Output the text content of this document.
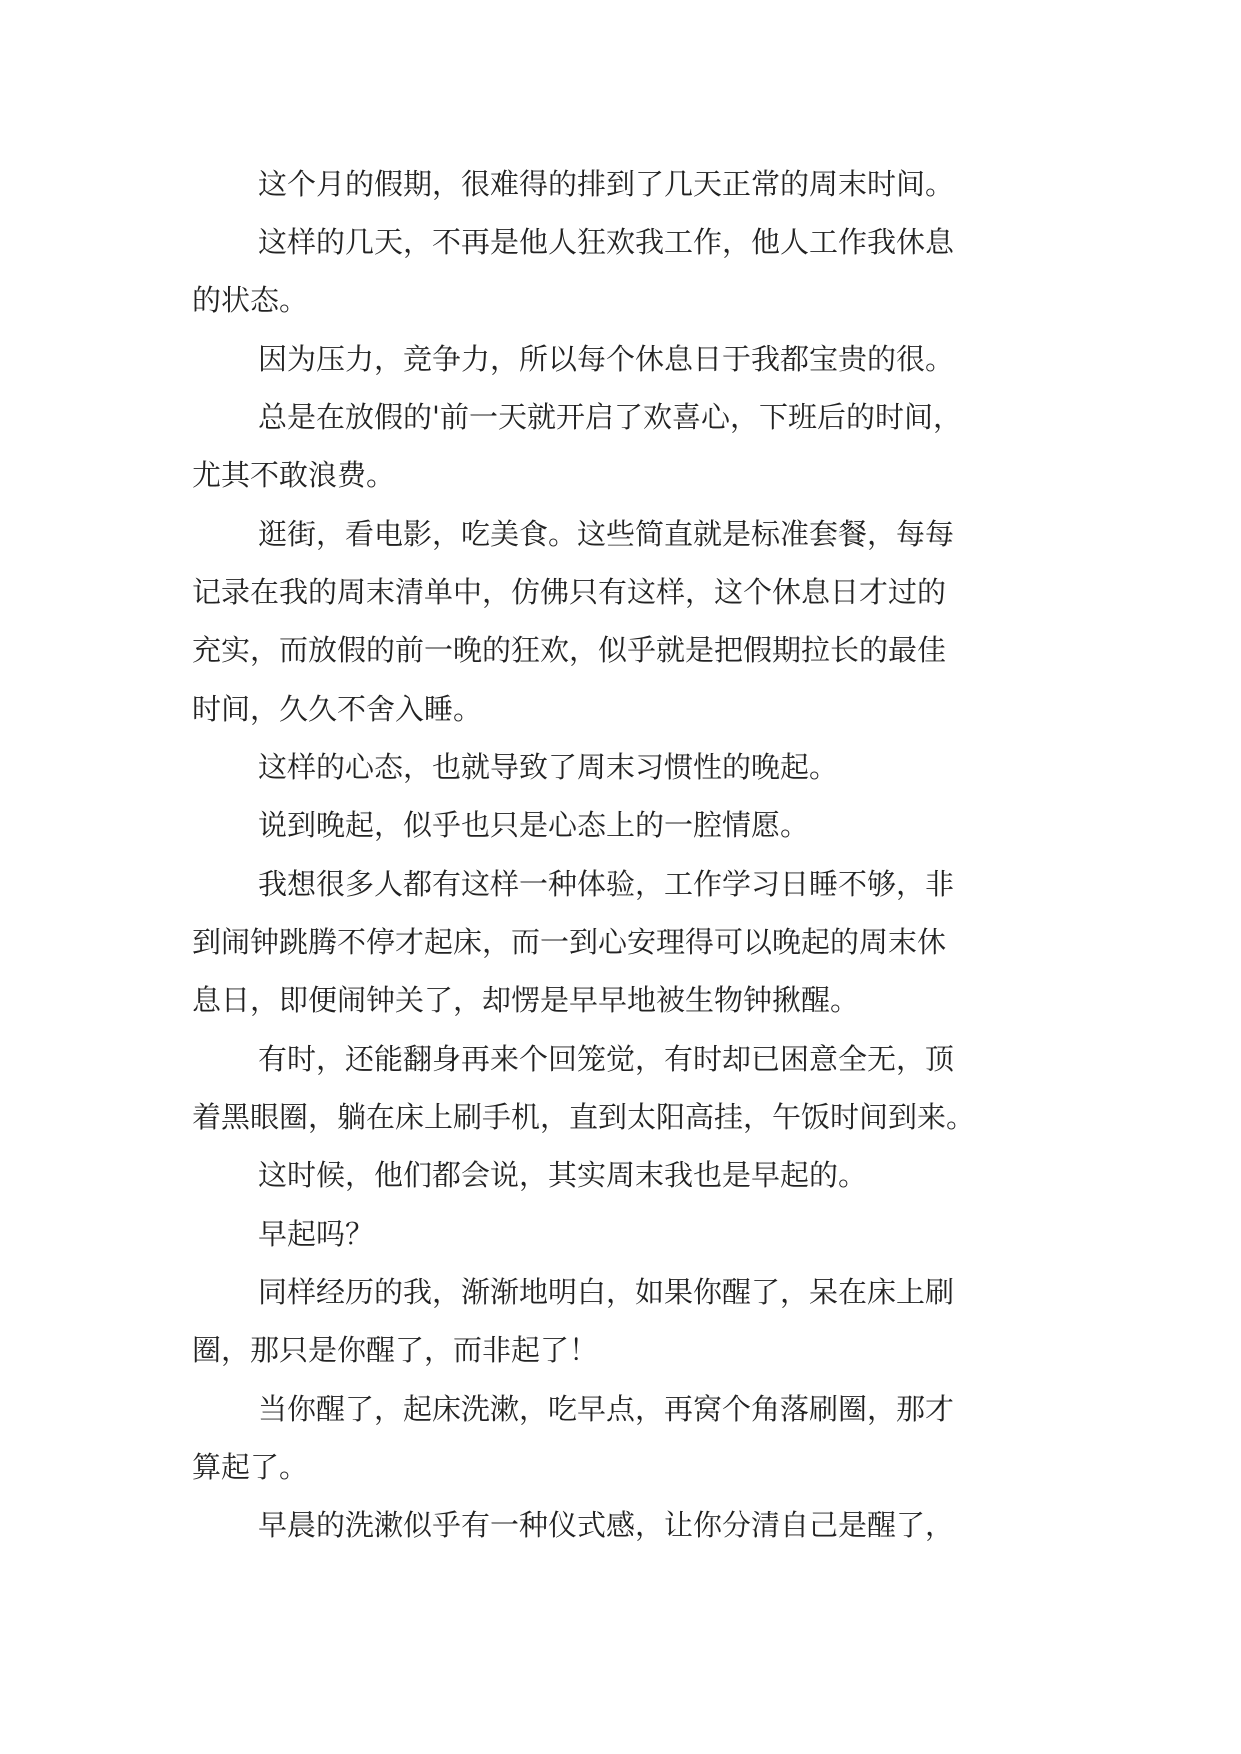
这个月的假期，很难得的排到了几天正常的周末时间。
这样的几天，不再是他人狂欢我工作，他人工作我休息
的状态。
因为压力，竞争力，所以每个休息日于我都宝贵的很。
总是在放假的'前一天就开启了欢喜心，下班后的时间，
尤其不敢浪费。
逛街，看电影，吃美食。这些简直就是标准套餐，每每
记录在我的周末清单中，仿佛只有这样，这个休息日才过的
充实，而放假的前一晚的狂欢，似乎就是把假期拉长的最佳
时间，久久不舍入睡。
这样的心态，也就导致了周末习惯性的晚起。
说到晚起，似乎也只是心态上的一腔情愿。
我想很多人都有这样一种体验，工作学习日睡不够，非
到闹钟跳腾不停才起床，而一到心安理得可以晚起的周末休
息日，即便闹钟关了，却愣是早早地被生物钟揪醒。
有时，还能翻身再来个回笼觉，有时却已困意全无，顶
着黑眼圈，躺在床上刷手机，直到太阳高挂，午饭时间到来。
这时候，他们都会说，其实周末我也是早起的。
早起吗？
同样经历的我，渐渐地明白，如果你醒了，呆在床上刷
圈，那只是你醒了，而非起了！
当你醒了，起床洗漱，吃早点，再窝个角落刷圈，那才
算起了。
早晨的洗漱似乎有一种仪式感，让你分清自己是醒了，
